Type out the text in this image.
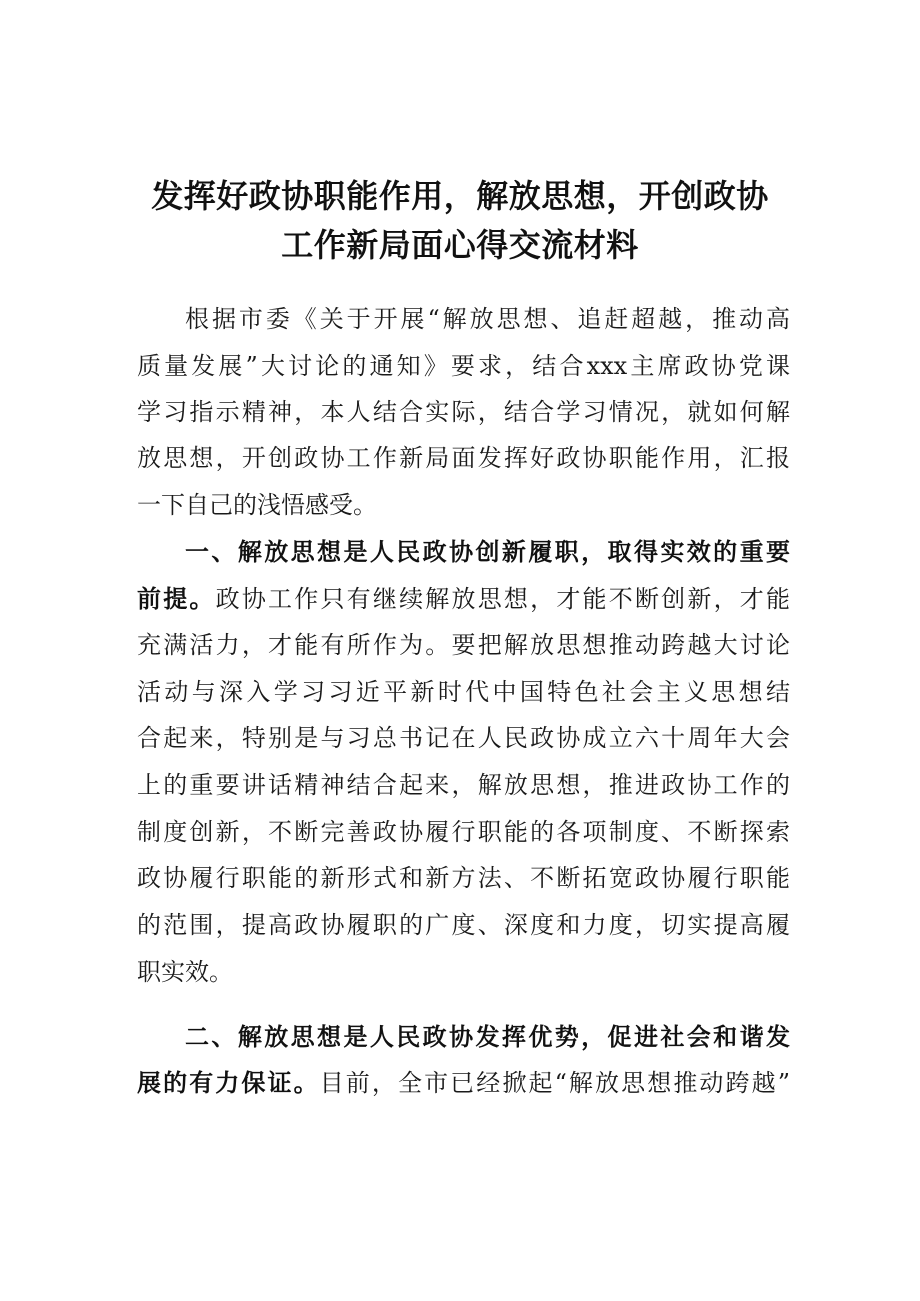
发挥好政协职能作用，解放思想，开创政协
工作新局面心得交流材料

根据市委《关于开展“解放思想、追赶超越，推动高

质量发展”大讨论的通知》要求，结合xxx主席政协党课

学习指示精神，本人结合实际，结合学习情况，就如何解

放思想，开创政协工作新局面发挥好政协职能作用，汇报

一下自己的浅悟感受。

一、解放思想是人民政协创新履职，取得实效的重要

前提。政协工作只有继续解放思想，才能不断创新，才能

充满活力，才能有所作为。要把解放思想推动跨越大讨论

活动与深入学习习近平新时代中国特色社会主义思想结

合起来，特别是与习总书记在人民政协成立六十周年大会

上的重要讲话精神结合起来，解放思想，推进政协工作的

制度创新，不断完善政协履行职能的各项制度、不断探索

政协履行职能的新形式和新方法、不断拓宽政协履行职能

的范围，提高政协履职的广度、深度和力度，切实提高履

职实效。

二、解放思想是人民政协发挥优势，促进社会和谐发

展的有力保证。目前，全市已经掀起“解放思想推动跨越”
